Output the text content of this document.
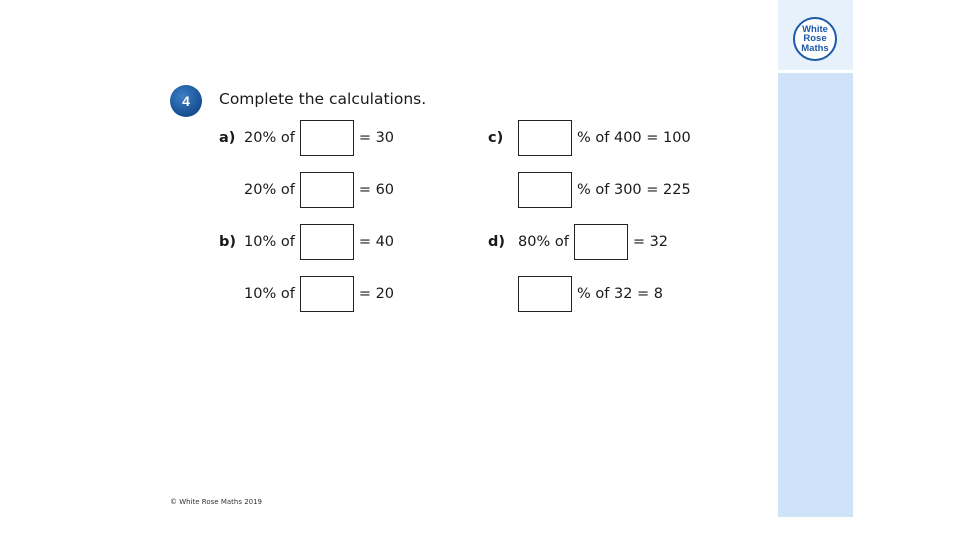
White
Rose
Maths
4	Complete the calculations.
a) 20% of	= 30
20% of	= 60
b) 10% of	= 40
10% of	= 20
c)	% of 400 = 100
% of 300 = 225
d) 80% of	= 32
% of 32 = 8
© White Rose Maths 2019
